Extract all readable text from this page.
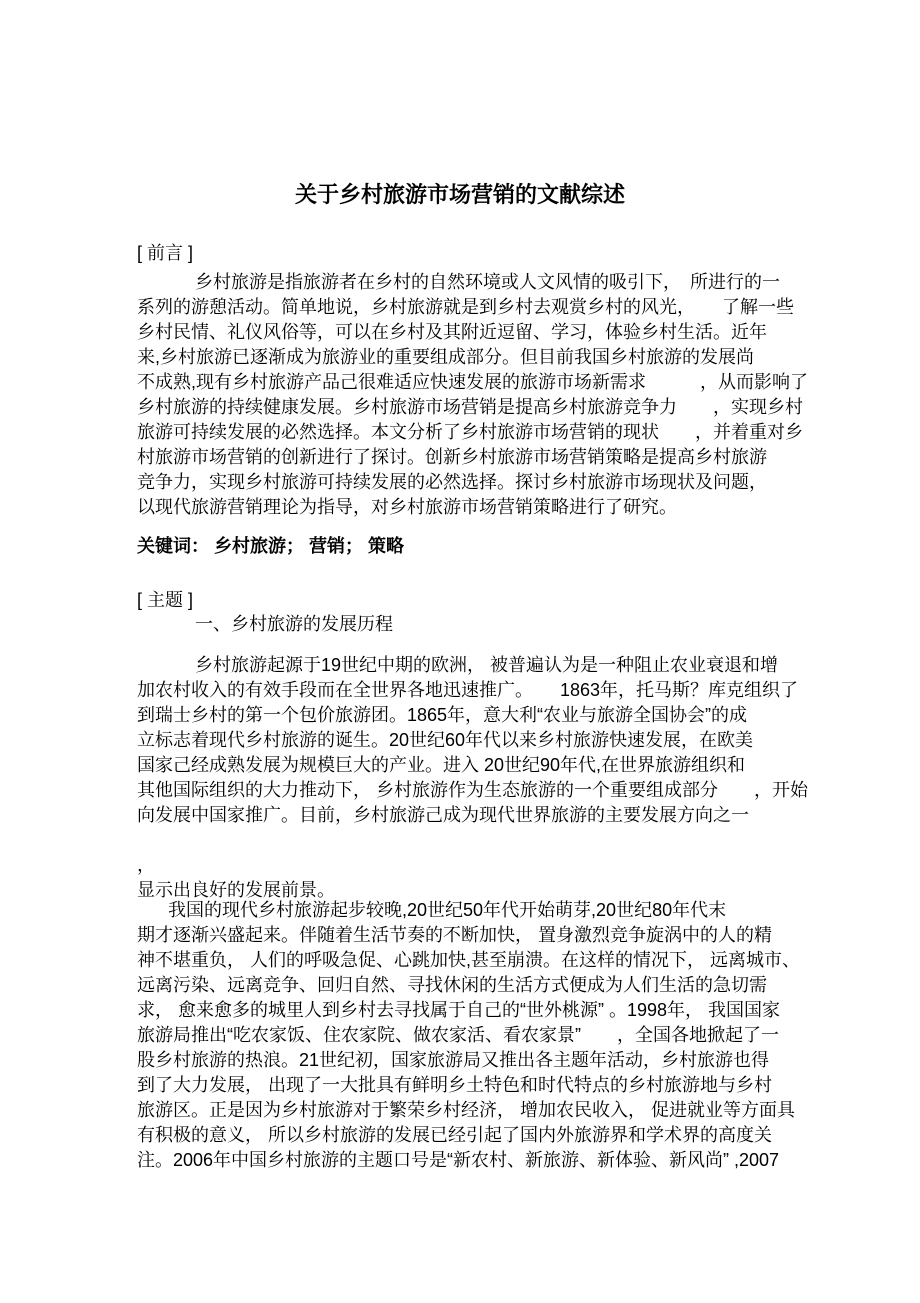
关于乡村旅游市场营销的文献综述
[ 前言 ]
乡村旅游是指旅游者在乡村的自然环境或人文风情的吸引下，　所进行的一
系列的游憩活动。简单地说，乡村旅游就是到乡村去观赏乡村的风光，　　了解一些
乡村民情、礼仪风俗等，可以在乡村及其附近逗留、学习，体验乡村生活。近年
来,乡村旅游已逐渐成为旅游业的重要组成部分。但目前我国乡村旅游的发展尚
不成熟,现有乡村旅游产品己很难适应快速发展的旅游市场新需求　　　，从而影响了
乡村旅游的持续健康发展。乡村旅游市场营销是提高乡村旅游竞争力　　，实现乡村
旅游可持续发展的必然选择。本文分析了乡村旅游市场营销的现状　　，并着重对乡
村旅游市场营销的创新进行了探讨。创新乡村旅游市场营销策略是提高乡村旅游
竞争力，实现乡村旅游可持续发展的必然选择。探讨乡村旅游市场现状及问题，
以现代旅游营销理论为指导，对乡村旅游市场营销策略进行了研究。
关键词： 乡村旅游； 营销； 策略
[ 主题 ]
一、乡村旅游的发展历程
乡村旅游起源于19世纪中期的欧洲， 被普遍认为是一种阻止农业衰退和增
加农村收入的有效手段而在全世界各地迅速推广。　　1863年，托马斯？库克组织了
到瑞士乡村的第一个包价旅游团。1865年，意大利“农业与旅游全国协会”的成
立标志着现代乡村旅游的诞生。20世纪60年代以来乡村旅游快速发展，在欧美
国家己经成熟发展为规模巨大的产业。进入 20世纪90年代,在世界旅游组织和
其他国际组织的大力推动下， 乡村旅游作为生态旅游的一个重要组成部分　　，开始
向发展中国家推广。目前，乡村旅游己成为现代世界旅游的主要发展方向之一
，
显示出良好的发展前景。
我国的现代乡村旅游起步较晚,20世纪50年代开始萌芽,20世纪80年代末
期才逐渐兴盛起来。伴随着生活节奏的不断加快， 置身激烈竞争旋涡中的人的精
神不堪重负， 人们的呼吸急促、心跳加快,甚至崩溃。在这样的情况下， 远离城市、
远离污染、远离竞争、回归自然、寻找休闲的生活方式便成为人们生活的急切需
求， 愈来愈多的城里人到乡村去寻找属于自己的“世外桃源” 。1998年， 我国国家
旅游局推出“吃农家饭、住农家院、做农家活、看农家景”　　，全国各地掀起了一
股乡村旅游的热浪。21世纪初，国家旅游局又推出各主题年活动，乡村旅游也得
到了大力发展， 出现了一大批具有鲜明乡土特色和时代特点的乡村旅游地与乡村
旅游区。正是因为乡村旅游对于繁荣乡村经济， 增加农民收入， 促进就业等方面具
有积极的意义， 所以乡村旅游的发展已经引起了国内外旅游界和学术界的高度关
注。2006年中国乡村旅游的主题口号是“新农村、新旅游、新体验、新风尚” ,2007
